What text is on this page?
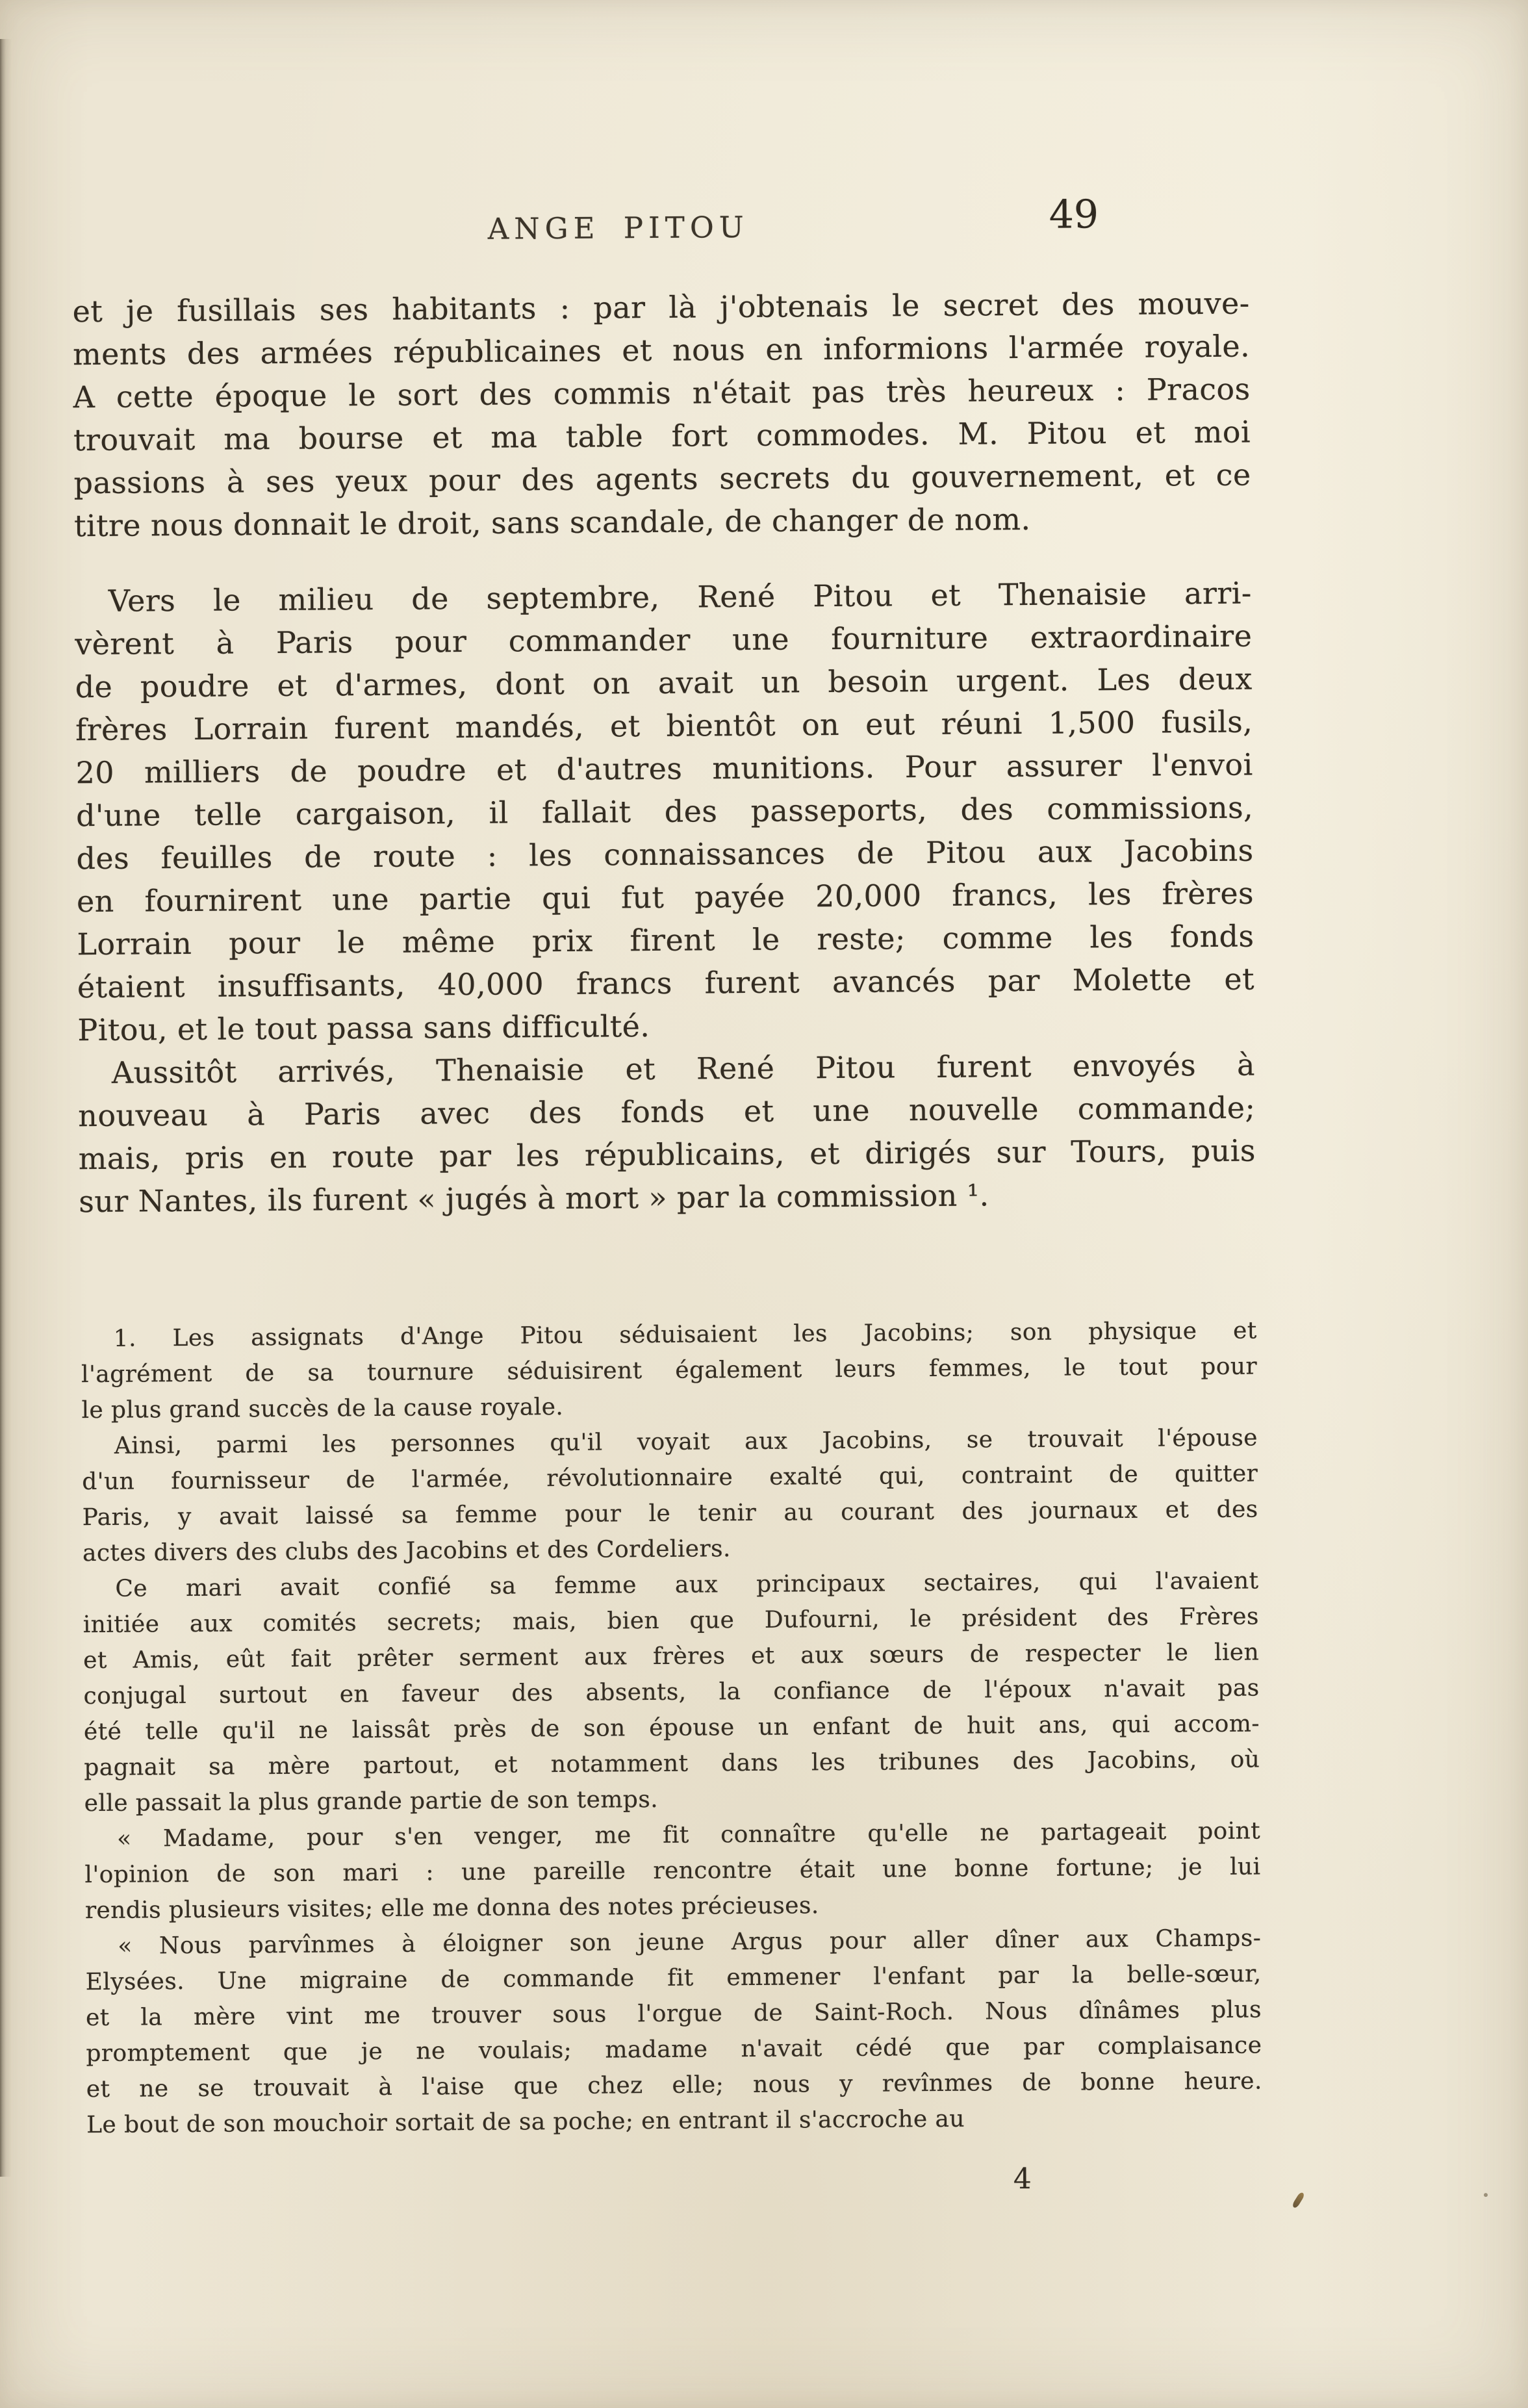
ANGE PITOU	49
et je fusillais ses habitants : par là j'obtenais le secret des mouve-
ments des armées républicaines et nous en informions l'armée royale.
A cette époque le sort des commis n'était pas très heureux : Pracos
trouvait ma bourse et ma table fort commodes. M. Pitou et moi
passions à ses yeux pour des agents secrets du gouvernement, et ce
titre nous donnait le droit, sans scandale, de changer de nom.
Vers le milieu de septembre, René Pitou et Thenaisie arri-
vèrent à Paris pour commander une fourniture extraordinaire
de poudre et d'armes, dont on avait un besoin urgent. Les deux
frères Lorrain furent mandés, et bientôt on eut réuni 1,500 fusils,
20 milliers de poudre et d'autres munitions. Pour assurer l'envoi
d'une telle cargaison, il fallait des passeports, des commissions,
des feuilles de route : les connaissances de Pitou aux Jacobins
en fournirent une partie qui fut payée 20,000 francs, les frères
Lorrain pour le même prix firent le reste; comme les fonds
étaient insuffisants, 40,000 francs furent avancés par Molette et
Pitou, et le tout passa sans difficulté.
Aussitôt arrivés, Thenaisie et René Pitou furent envoyés à
nouveau à Paris avec des fonds et une nouvelle commande;
mais, pris en route par les républicains, et dirigés sur Tours, puis
sur Nantes, ils furent « jugés à mort » par la commission ¹.
1. Les assignats d'Ange Pitou séduisaient les Jacobins; son physique et
l'agrément de sa tournure séduisirent également leurs femmes, le tout pour
le plus grand succès de la cause royale.
Ainsi, parmi les personnes qu'il voyait aux Jacobins, se trouvait l'épouse
d'un fournisseur de l'armée, révolutionnaire exalté qui, contraint de quitter
Paris, y avait laissé sa femme pour le tenir au courant des journaux et des
actes divers des clubs des Jacobins et des Cordeliers.
Ce mari avait confié sa femme aux principaux sectaires, qui l'avaient
initiée aux comités secrets; mais, bien que Dufourni, le président des Frères
et Amis, eût fait prêter serment aux frères et aux sœurs de respecter le lien
conjugal surtout en faveur des absents, la confiance de l'époux n'avait pas
été telle qu'il ne laissât près de son épouse un enfant de huit ans, qui accom-
pagnait sa mère partout, et notamment dans les tribunes des Jacobins, où
elle passait la plus grande partie de son temps.
« Madame, pour s'en venger, me fit connaître qu'elle ne partageait point
l'opinion de son mari : une pareille rencontre était une bonne fortune; je lui
rendis plusieurs visites; elle me donna des notes précieuses.
« Nous parvînmes à éloigner son jeune Argus pour aller dîner aux Champs-
Elysées. Une migraine de commande fit emmener l'enfant par la belle-sœur,
et la mère vint me trouver sous l'orgue de Saint-Roch. Nous dînâmes plus
promptement que je ne voulais; madame n'avait cédé que par complaisance
et ne se trouvait à l'aise que chez elle; nous y revînmes de bonne heure.
Le bout de son mouchoir sortait de sa poche; en entrant il s'accroche au
4
